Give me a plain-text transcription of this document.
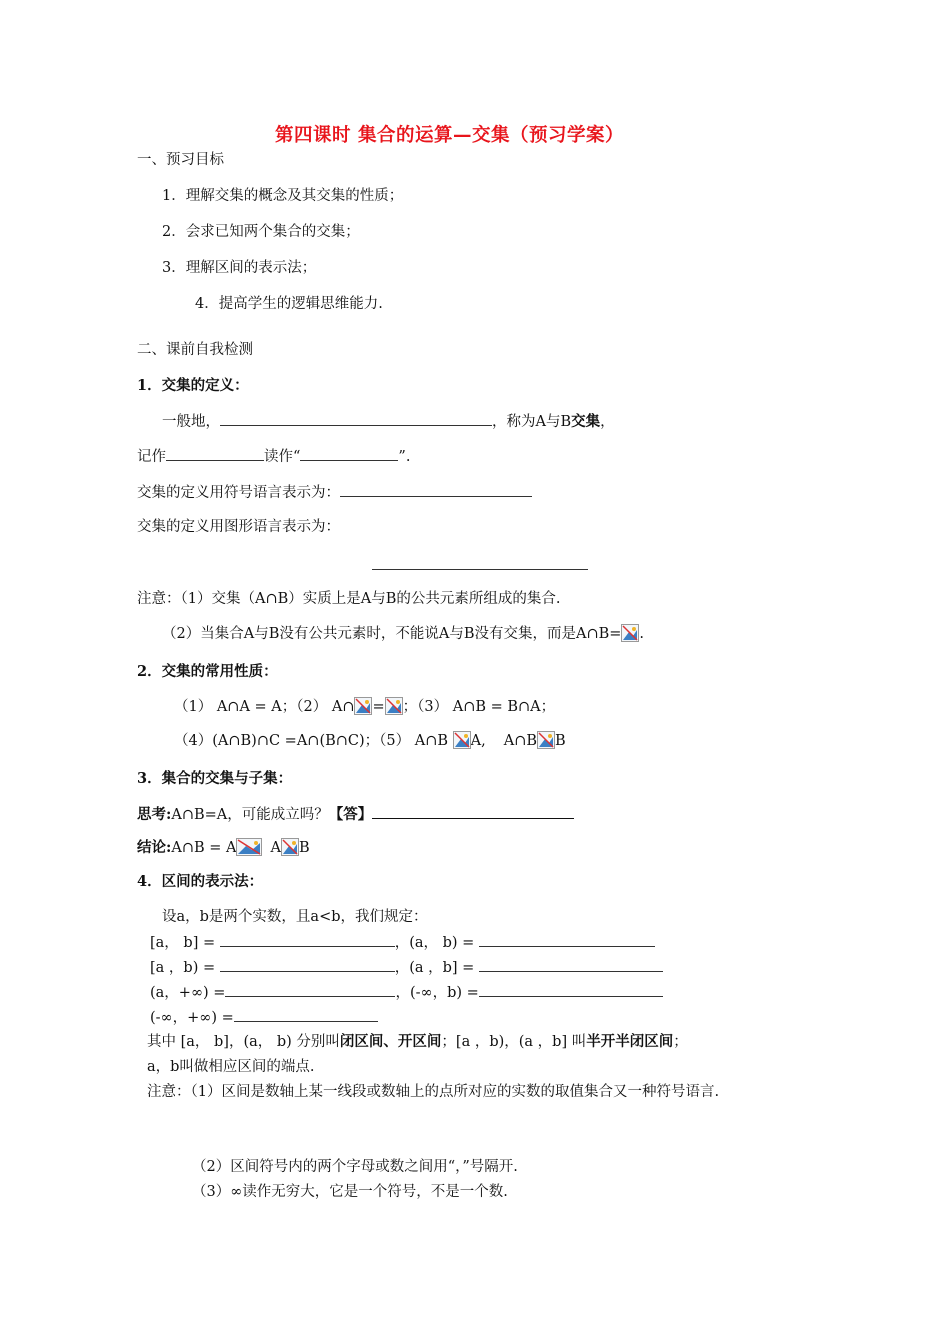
第四课时 集合的运算—交集（预习学案）
一、预习目标
1．理解交集的概念及其交集的性质；
2．会求已知两个集合的交集；
3．理解区间的表示法；
4．提高学生的逻辑思维能力.
二、课前自我检测
1．交集的定义：
一般地，	，称为A与B交集，
记作	读作“	”.
交集的定义用符号语言表示为：
交集的定义用图形语言表示为：
注意：（1）交集（A∩B）实质上是A与B的公共元素所组成的集合.
（2）当集合A与B没有公共元素时，不能说A与B没有交集，而是A∩B= .
2．交集的常用性质：
（1） A∩A = A；（2） A∩ = ；（3） A∩B = B∩A；
（4）(A∩B)∩C =A∩(B∩C)；（5） A∩B
A, A∩B B
3．集合的交集与子集：
思考:A∩B=A，可能成立吗？【答】
结论:A∩B = A A B
4．区间的表示法：
设a，b是两个实数，且a<b，我们规定：
[a， b] =	，(a， b) =
[a ，b) =	，(a ，b] =
(a，+∞) =	，(-∞，b) =
(-∞，+∞) =
其中 [a， b]，(a， b) 分别叫闭区间、开区间；[a ，b)，(a ，b] 叫半开半闭区间；
a，b叫做相应区间的端点.
注意：（1）区间是数轴上某一线段或数轴上的点所对应的实数的取值集合又一种符号语言.
（2）区间符号内的两个字母或数之间用“，”号隔开.
（3）∞读作无穷大，它是一个符号，不是一个数.
